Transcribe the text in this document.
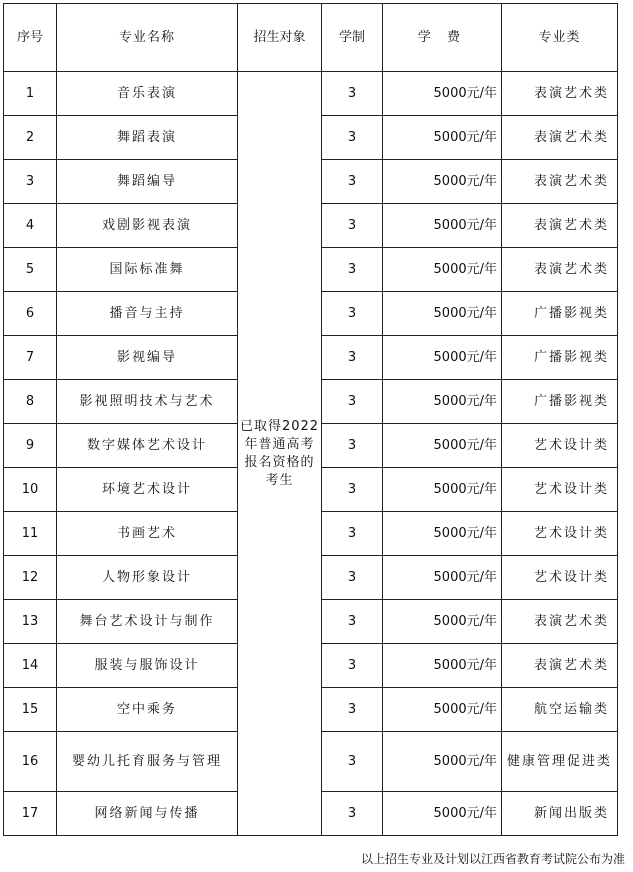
序号	专业名称	招生对象	学制	学 费	专业类
1	音乐表演	已取得2022年普通高考报名资格的考生	3	5000元/年	表演艺术类
2	舞蹈表演		3	5000元/年	表演艺术类
3	舞蹈编导		3	5000元/年	表演艺术类
4	戏剧影视表演		3	5000元/年	表演艺术类
5	国际标准舞		3	5000元/年	表演艺术类
6	播音与主持		3	5000元/年	广播影视类
7	影视编导		3	5000元/年	广播影视类
8	影视照明技术与艺术		3	5000元/年	广播影视类
9	数字媒体艺术设计		3	5000元/年	艺术设计类
10	环境艺术设计		3	5000元/年	艺术设计类
11	书画艺术		3	5000元/年	艺术设计类
12	人物形象设计		3	5000元/年	艺术设计类
13	舞台艺术设计与制作		3	5000元/年	表演艺术类
14	服装与服饰设计		3	5000元/年	表演艺术类
15	空中乘务		3	5000元/年	航空运输类
16	婴幼儿托育服务与管理		3	5000元/年	健康管理促进类
17	网络新闻与传播		3	5000元/年	新闻出版类
以上招生专业及计划以江西省教育考试院公布为准
